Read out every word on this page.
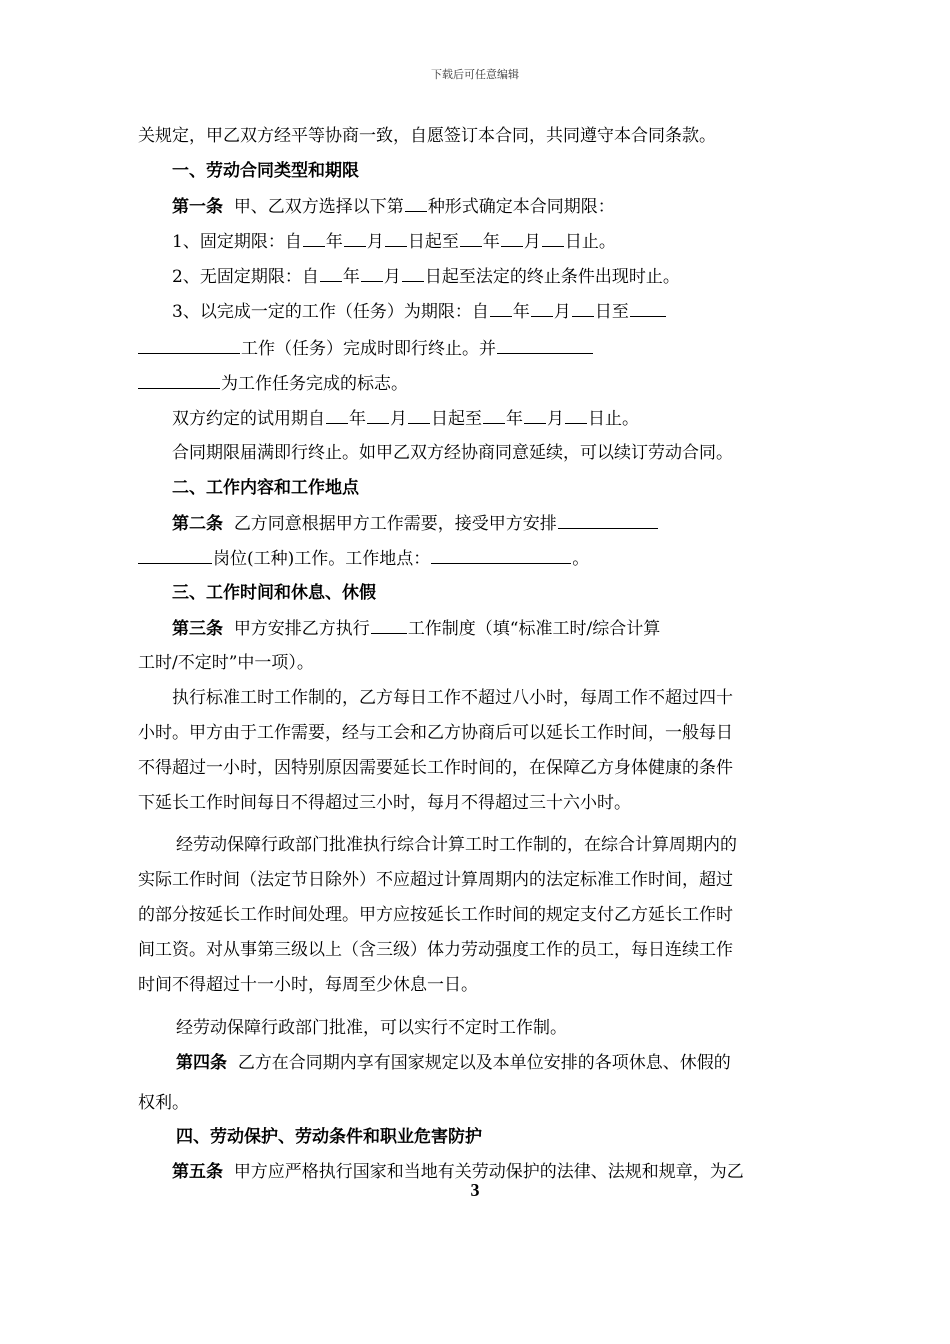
下载后可任意编辑
关规定，甲乙双方经平等协商一致，自愿签订本合同，共同遵守本合同条款。
一、劳动合同类型和期限
第一条 甲、乙双方选择以下第 种形式确定本合同期限：
1、固定期限：自 年 月 日起至 年 月 日止。
2、无固定期限：自 年 月 日起至法定的终止条件出现时止。
3、以完成一定的工作（任务）为期限：自 年 月 日至
工作（任务）完成时即行终止。并
为工作任务完成的标志。
双方约定的试用期自 年 月 日起至 年 月 日止。
合同期限届满即行终止。如甲乙双方经协商同意延续，可以续订劳动合同。
二、工作内容和工作地点
第二条 乙方同意根据甲方工作需要，接受甲方安排
岗位(工种)工作。工作地点：	。
三、工作时间和休息、休假
第三条 甲方安排乙方执行 工作制度（填“标准工时/综合计算
工时/不定时”中一项）。
执行标准工时工作制的，乙方每日工作不超过八小时，每周工作不超过四十
小时。甲方由于工作需要，经与工会和乙方协商后可以延长工作时间，一般每日
不得超过一小时，因特别原因需要延长工作时间的，在保障乙方身体健康的条件
下延长工作时间每日不得超过三小时，每月不得超过三十六小时。
经劳动保障行政部门批准执行综合计算工时工作制的，在综合计算周期内的
实际工作时间（法定节日除外）不应超过计算周期内的法定标准工作时间，超过
的部分按延长工作时间处理。甲方应按延长工作时间的规定支付乙方延长工作时
间工资。对从事第三级以上（含三级）体力劳动强度工作的员工，每日连续工作
时间不得超过十一小时，每周至少休息一日。
经劳动保障行政部门批准，可以实行不定时工作制。
第四条 乙方在合同期内享有国家规定以及本单位安排的各项休息、休假的
权利。
四、劳动保护、劳动条件和职业危害防护
第五条 甲方应严格执行国家和当地有关劳动保护的法律、法规和规章，为乙
3
